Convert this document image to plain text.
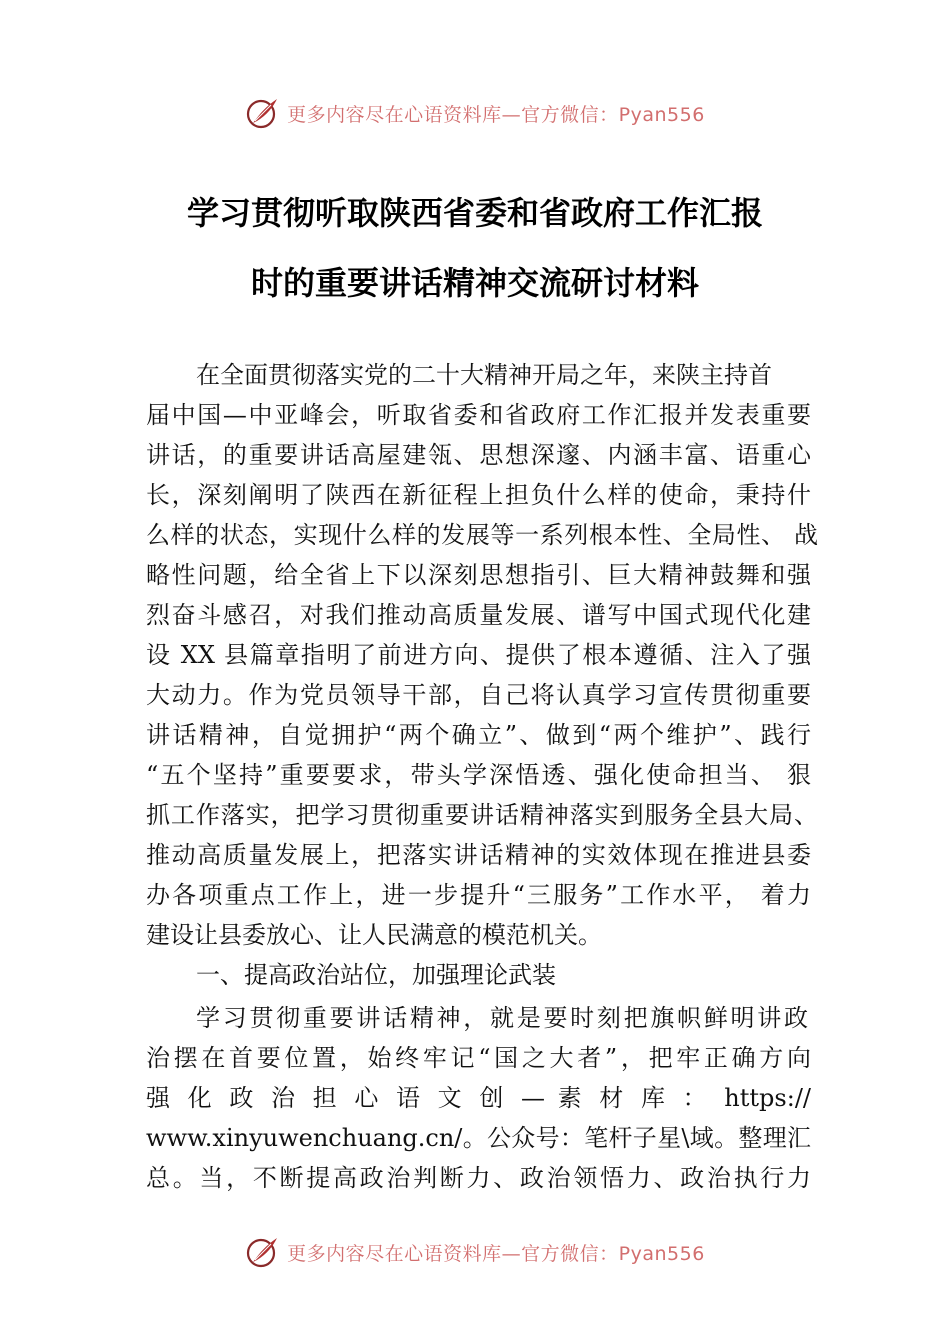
更多内容尽在心语资料库—官方微信：Pyan556
学习贯彻听取陕西省委和省政府工作汇报
时的重要讲话精神交流研讨材料
在全面贯彻落实党的二十大精神开局之年，来陕主持首
届中国—中亚峰会，听取省委和省政府工作汇报并发表重要
讲话，的重要讲话高屋建瓴、思想深邃、内涵丰富、语重心
长，深刻阐明了陕西在新征程上担负什么样的使命，秉持什
么样的状态，实现什么样的发展等一系列根本性、全局性、 战
略性问题，给全省上下以深刻思想指引、巨大精神鼓舞和强
烈奋斗感召，对我们推动高质量发展、谱写中国式现代化建
设 XX 县篇章指明了前进方向、提供了根本遵循、注入了强
大动力。作为党员领导干部，自己将认真学习宣传贯彻重要
讲话精神，自觉拥护“两个确立”、做到“两个维护”、践行
“五个坚持”重要要求，带头学深悟透、强化使命担当、 狠
抓工作落实，把学习贯彻重要讲话精神落实到服务全县大局、
推动高质量发展上，把落实讲话精神的实效体现在推进县委
办各项重点工作上，进一步提升“三服务”工作水平， 着力
建设让县委放心、让人民满意的模范机关。
一、提高政治站位，加强理论武装
学习贯彻重要讲话精神，就是要时刻把旗帜鲜明讲政
治摆在首要位置，始终牢记“国之大者”，把牢正确方向
强 化 政 治 担 心 语 文 创 — 素 材 库 ： https://
www.xinyuwenchuang.cn/。公众号：笔杆子星\域。整理汇
总。当，不断提高政治判断力、政治领悟力、政治执行力
更多内容尽在心语资料库—官方微信：Pyan556
